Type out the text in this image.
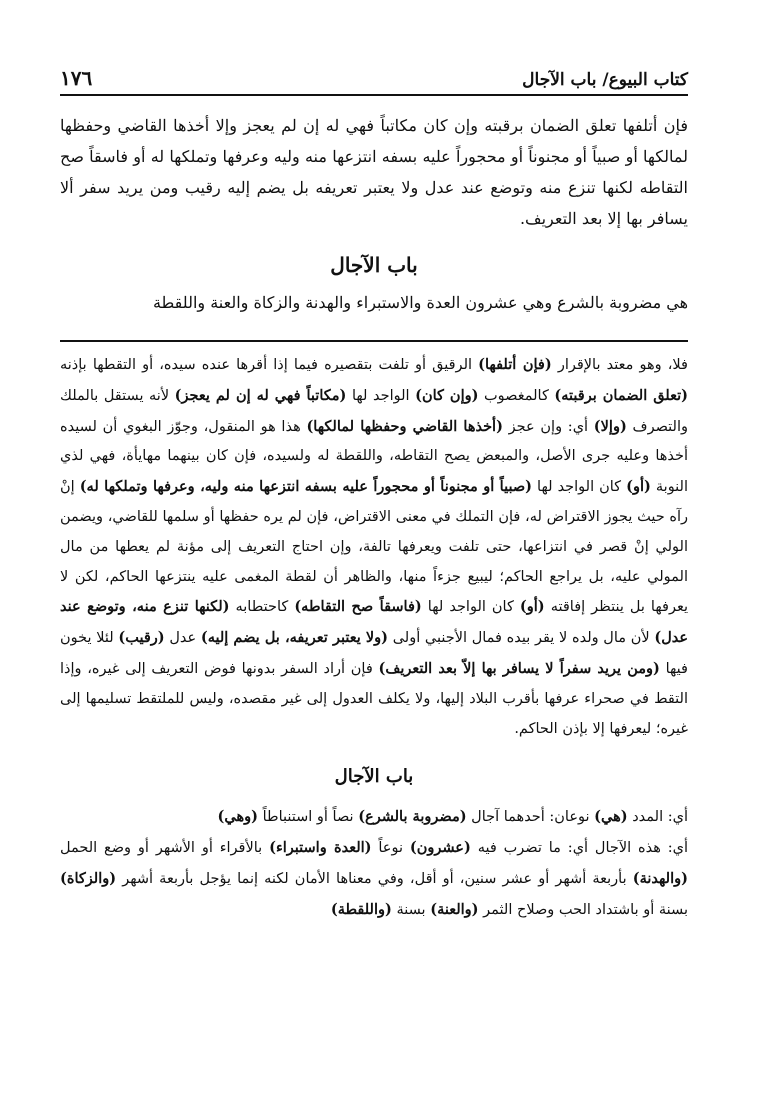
كتاب البيوع/ باب الآجال
١٧٦

فإن أتلفها تعلق الضمان برقبته وإن كان مكاتباً فهي له إن لم يعجز وإلا أخذها القاضي وحفظها لمالكها أو صبياً أو مجنوناً أو محجوراً عليه بسفه انتزعها منه وليه وعرفها وتملكها له أو فاسقاً صح التقاطه لكنها تنزع منه وتوضع عند عدل ولا يعتبر تعريفه بل يضم إليه رقيب ومن يريد سفر ألا يسافر بها إلا بعد التعريف.

باب الآجال

هي مضروبة بالشرع وهي عشرون العدة والاستبراء والهدنة والزكاة والعنة واللقطة

فلا، وهو معتد بالإقرار (فإن أتلفها) الرقيق أو تلفت بتقصيره فيما إذا أقرها عنده سيده، أو التقطها بإذنه (تعلق الضمان برقبته) كالمغصوب (وإن كان) الواجد لها (مكاتباً فهي له إن لم يعجز) لأنه يستقل بالملك والتصرف (وإلا) أي: وإن عجز (أخذها القاضي وحفظها لمالكها) هذا هو المنقول، وجوّز البغوي أن لسيده أخذها وعليه جرى الأصل، والمبعض يصح التقاطه، واللقطة له ولسيده، فإن كان بينهما مهايأة، فهي لذي النوبة (أو) كان الواجد لها (صبياً أو مجنوناً أو محجوراً عليه بسفه انتزعها منه وليه، وعرفها وتملكها له) إنْ رآه حيث يجوز الاقتراض له، فإن التملك في معنى الاقتراض، فإن لم يره حفظها أو سلمها للقاضي، ويضمن الولي إنْ قصر في انتزاعها، حتى تلفت ويعرفها تالفة، وإن احتاج التعريف إلى مؤنة لم يعطها من مال المولي عليه، بل يراجع الحاكم؛ ليبيع جزءاً منها، والظاهر أن لقطة المغمى عليه ينتزعها الحاكم، لكن لا يعرفها بل ينتظر إفاقته (أو) كان الواجد لها (فاسقاً صح التقاطه) كاحتطابه (لكنها تنزع منه، وتوضع عند عدل) لأن مال ولده لا يقر بيده فمال الأجنبي أولى (ولا يعتبر تعريفه، بل يضم إليه) عدل (رقيب) لئلا يخون فيها (ومن يريد سفراً لا يسافر بها إلاّ بعد التعريف) فإن أراد السفر بدونها فوض التعريف إلى غيره، وإذا التقط في صحراء عرفها بأقرب البلاد إليها، ولا يكلف العدول إلى غير مقصده، وليس للملتقط تسليمها إلى غيره؛ ليعرفها إلا بإذن الحاكم.

باب الآجال

أي: المدد (هي) نوعان: أحدهما آجال (مضروبة بالشرع) نصاً أو استنباطاً (وهي)

أي: هذه الآجال أي: ما تضرب فيه (عشرون) نوعاً (العدة واستبراء) بالأقراء أو الأشهر أو وضع الحمل (والهدنة) بأربعة أشهر أو عشر سنين، أو أقل، وفي معناها الأمان لكنه إنما يؤجل بأربعة أشهر (والزكاة) بسنة أو باشتداد الحب وصلاح الثمر (والعنة) بسنة (واللقطة)
